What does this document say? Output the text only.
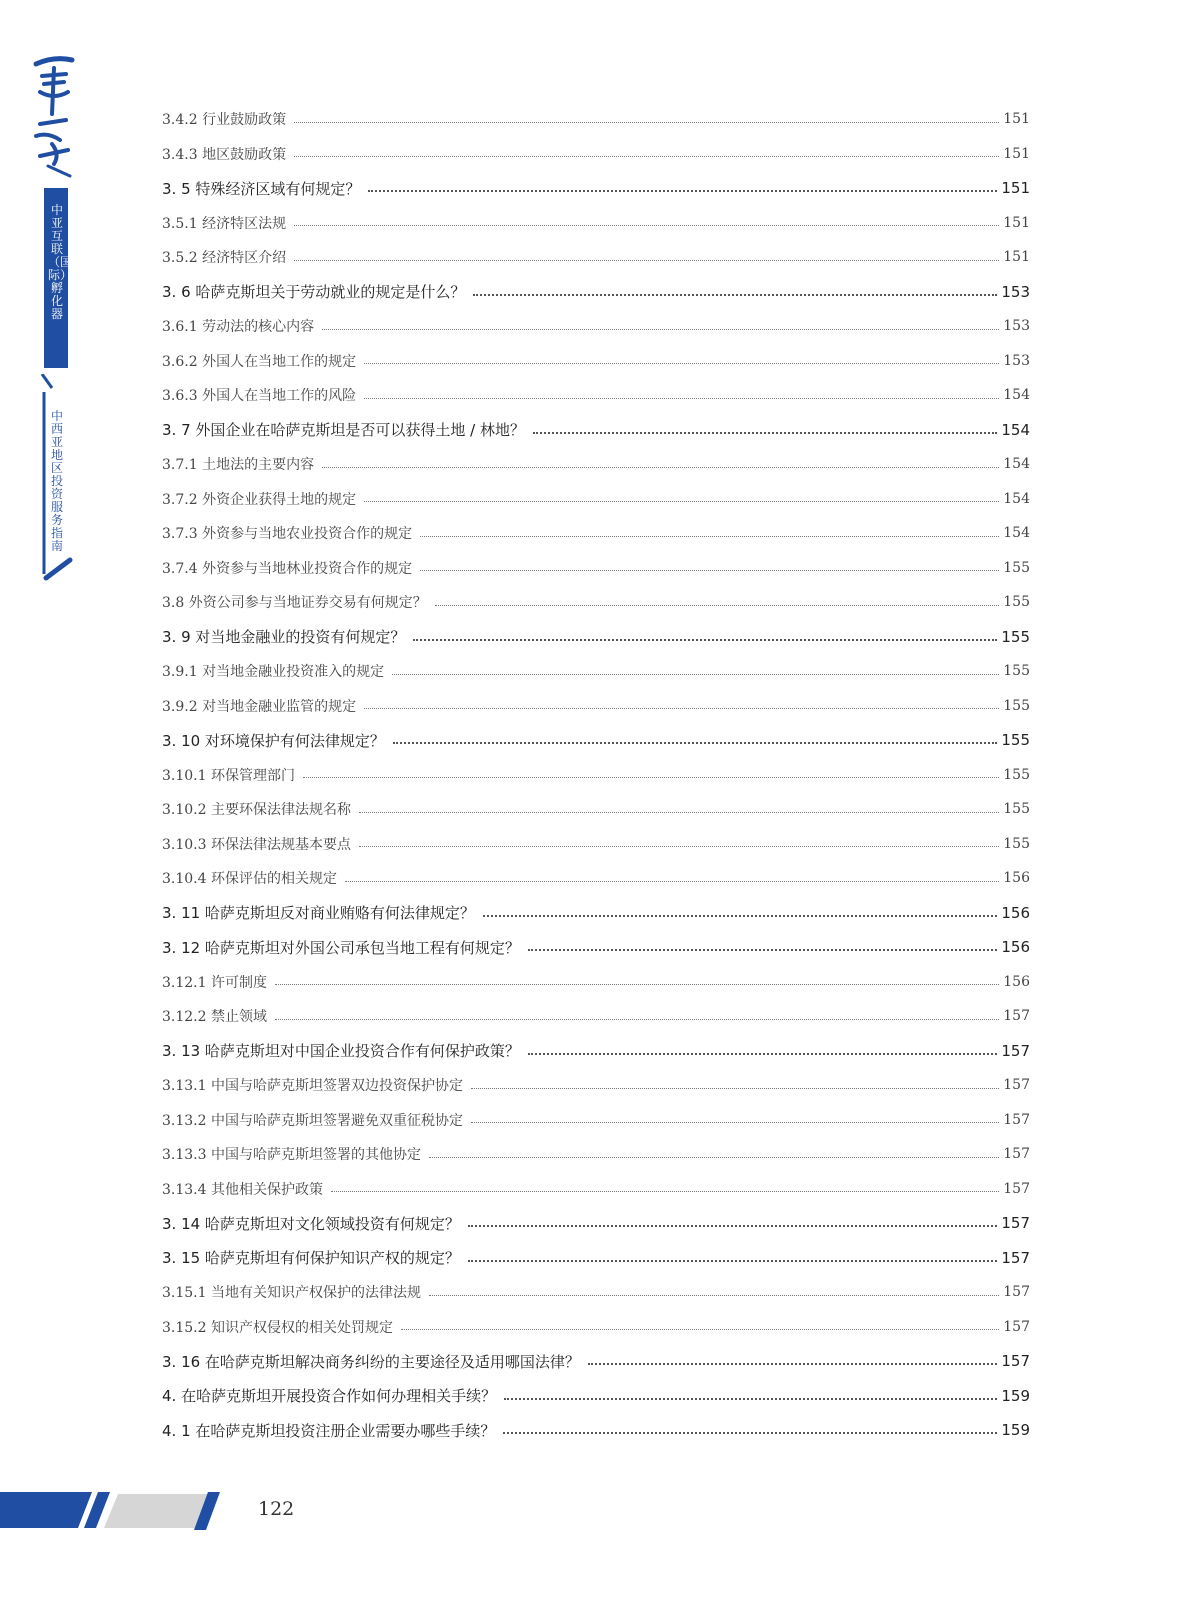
中亚互联（国际）孵化器
中西亚地区投资服务指南
3.4.2 行业鼓励政策	151
3.4.3 地区鼓励政策	151
3. 5 特殊经济区域有何规定？	151
3.5.1 经济特区法规	151
3.5.2 经济特区介绍	151
3. 6 哈萨克斯坦关于劳动就业的规定是什么？	153
3.6.1 劳动法的核心内容	153
3.6.2 外国人在当地工作的规定	153
3.6.3 外国人在当地工作的风险	154
3. 7 外国企业在哈萨克斯坦是否可以获得土地 / 林地？	154
3.7.1 土地法的主要内容	154
3.7.2 外资企业获得土地的规定	154
3.7.3 外资参与当地农业投资合作的规定	154
3.7.4 外资参与当地林业投资合作的规定	155
3.8 外资公司参与当地证券交易有何规定？	155
3. 9 对当地金融业的投资有何规定？	155
3.9.1 对当地金融业投资准入的规定	155
3.9.2 对当地金融业监管的规定	155
3. 10 对环境保护有何法律规定？	155
3.10.1 环保管理部门	155
3.10.2 主要环保法律法规名称	155
3.10.3 环保法律法规基本要点	155
3.10.4 环保评估的相关规定	156
3. 11 哈萨克斯坦反对商业贿赂有何法律规定？	156
3. 12 哈萨克斯坦对外国公司承包当地工程有何规定？	156
3.12.1 许可制度	156
3.12.2 禁止领域	157
3. 13 哈萨克斯坦对中国企业投资合作有何保护政策？	157
3.13.1 中国与哈萨克斯坦签署双边投资保护协定	157
3.13.2 中国与哈萨克斯坦签署避免双重征税协定	157
3.13.3 中国与哈萨克斯坦签署的其他协定	157
3.13.4 其他相关保护政策	157
3. 14 哈萨克斯坦对文化领域投资有何规定？	157
3. 15 哈萨克斯坦有何保护知识产权的规定？	157
3.15.1 当地有关知识产权保护的法律法规	157
3.15.2 知识产权侵权的相关处罚规定	157
3. 16 在哈萨克斯坦解决商务纠纷的主要途径及适用哪国法律？	157
4. 在哈萨克斯坦开展投资合作如何办理相关手续？	159
4. 1 在哈萨克斯坦投资注册企业需要办哪些手续？	159
122
